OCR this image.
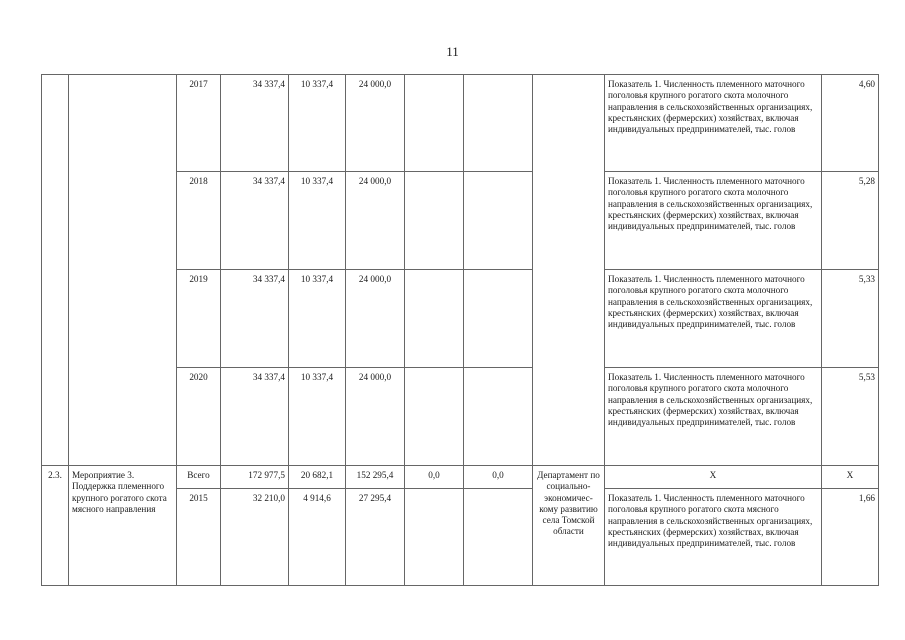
11
		2017	34 337,4	10 337,4	24 000,0				Показатель 1. Численность племенного маточного поголовья крупного рогатого скота молочного направления в сельскохозяйственных организациях, крестьянских (фермерских) хозяйствах, включая индивидуальных предпринимателей, тыс. голов	4,60
		2018	34 337,4	10 337,4	24 000,0				Показатель 1. Численность племенного маточного поголовья крупного рогатого скота молочного направления в сельскохозяйственных организациях, крестьянских (фермерских) хозяйствах, включая индивидуальных предпринимателей, тыс. голов	5,28
		2019	34 337,4	10 337,4	24 000,0				Показатель 1. Численность племенного маточного поголовья крупного рогатого скота молочного направления в сельскохозяйственных организациях, крестьянских (фермерских) хозяйствах, включая индивидуальных предпринимателей, тыс. голов	5,33
		2020	34 337,4	10 337,4	24 000,0				Показатель 1. Численность племенного маточного поголовья крупного рогатого скота молочного направления в сельскохозяйственных организациях, крестьянских (фермерских) хозяйствах, включая индивидуальных предпринимателей, тыс. голов	5,53
2.3.	Мероприятие 3. Поддержка племенного крупного рогатого скота мясного направления	Всего	172 977,5	20 682,1	152 295,4	0,0	0,0	Департамент по социально-экономичес-кому развитию села Томской области	X	X
		2015	32 210,0	4 914,6	27 295,4				Показатель 1. Численность племенного маточного поголовья крупного рогатого скота мясного направления в сельскохозяйственных организациях, крестьянских (фермерских) хозяйствах, включая индивидуальных предпринимателей, тыс. голов	1,66
